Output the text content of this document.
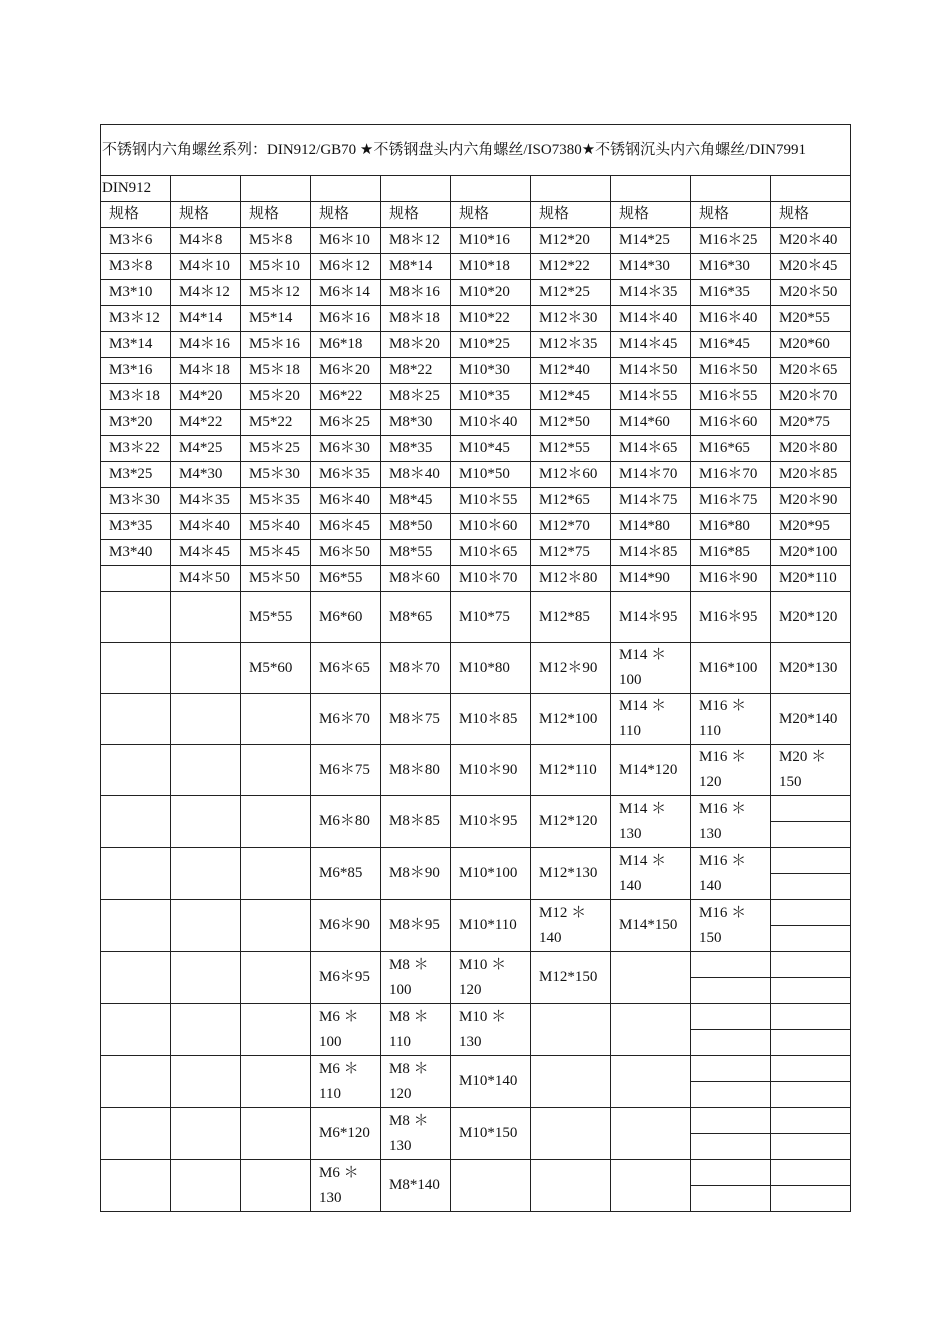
不锈钢内六角螺丝系列：DIN912/GB70 ★不锈钢盘头内六角螺丝/ISO7380★不锈钢沉头内六角螺丝/DIN7991									
DIN912									
规格	规格	规格	规格	规格	规格	规格	规格	规格	规格
M3＊6	M4＊8	M5＊8	M6＊10	M8＊12	M10*16	M12*20	M14*25	M16＊25	M20＊40
M3＊8	M4＊10	M5＊10	M6＊12	M8*14	M10*18	M12*22	M14*30	M16*30	M20＊45
M3*10	M4＊12	M5＊12	M6＊14	M8＊16	M10*20	M12*25	M14＊35	M16*35	M20＊50
M3＊12	M4*14	M5*14	M6＊16	M8＊18	M10*22	M12＊30	M14＊40	M16＊40	M20*55
M3*14	M4＊16	M5＊16	M6*18	M8＊20	M10*25	M12＊35	M14＊45	M16*45	M20*60
M3*16	M4＊18	M5＊18	M6＊20	M8*22	M10*30	M12*40	M14＊50	M16＊50	M20＊65
M3＊18	M4*20	M5＊20	M6*22	M8＊25	M10*35	M12*45	M14＊55	M16＊55	M20＊70
M3*20	M4*22	M5*22	M6＊25	M8*30	M10＊40	M12*50	M14*60	M16＊60	M20*75
M3＊22	M4*25	M5＊25	M6＊30	M8*35	M10*45	M12*55	M14＊65	M16*65	M20＊80
M3*25	M4*30	M5＊30	M6＊35	M8＊40	M10*50	M12＊60	M14＊70	M16＊70	M20＊85
M3＊30	M4＊35	M5＊35	M6＊40	M8*45	M10＊55	M12*65	M14＊75	M16＊75	M20＊90
M3*35	M4＊40	M5＊40	M6＊45	M8*50	M10＊60	M12*70	M14*80	M16*80	M20*95
M3*40	M4＊45	M5＊45	M6＊50	M8*55	M10＊65	M12*75	M14＊85	M16*85	M20*100
	M4＊50	M5＊50	M6*55	M8＊60	M10＊70	M12＊80	M14*90	M16＊90	M20*110
		M5*55	M6*60	M8*65	M10*75	M12*85	M14＊95	M16＊95	M20*120
		M5*60	M6＊65	M8＊70	M10*80	M12＊90	M14 ＊ 100	M16*100	M20*130
			M6＊70	M8＊75	M10＊85	M12*100	M14 ＊ 110	M16 ＊ 110	M20*140
			M6＊75	M8＊80	M10＊90	M12*110	M14*120	M16 ＊ 120	M20 ＊ 150
			M6＊80	M8＊85	M10＊95	M12*120	M14 ＊ 130	M16 ＊ 130	

			M6*85	M8＊90	M10*100	M12*130	M14 ＊ 140	M16 ＊ 140	

			M6＊90	M8＊95	M10*110	M12 ＊ 140	M14*150	M16 ＊ 150	

			M6＊95	M8 ＊ 100	M10 ＊ 120	M12*150		

			M6 ＊ 100	M8 ＊ 110	M10 ＊ 130			

			M6 ＊ 110	M8 ＊ 120	M10*140			

			M6*120	M8 ＊ 130	M10*150			

			M6 ＊ 130	M8*140				
